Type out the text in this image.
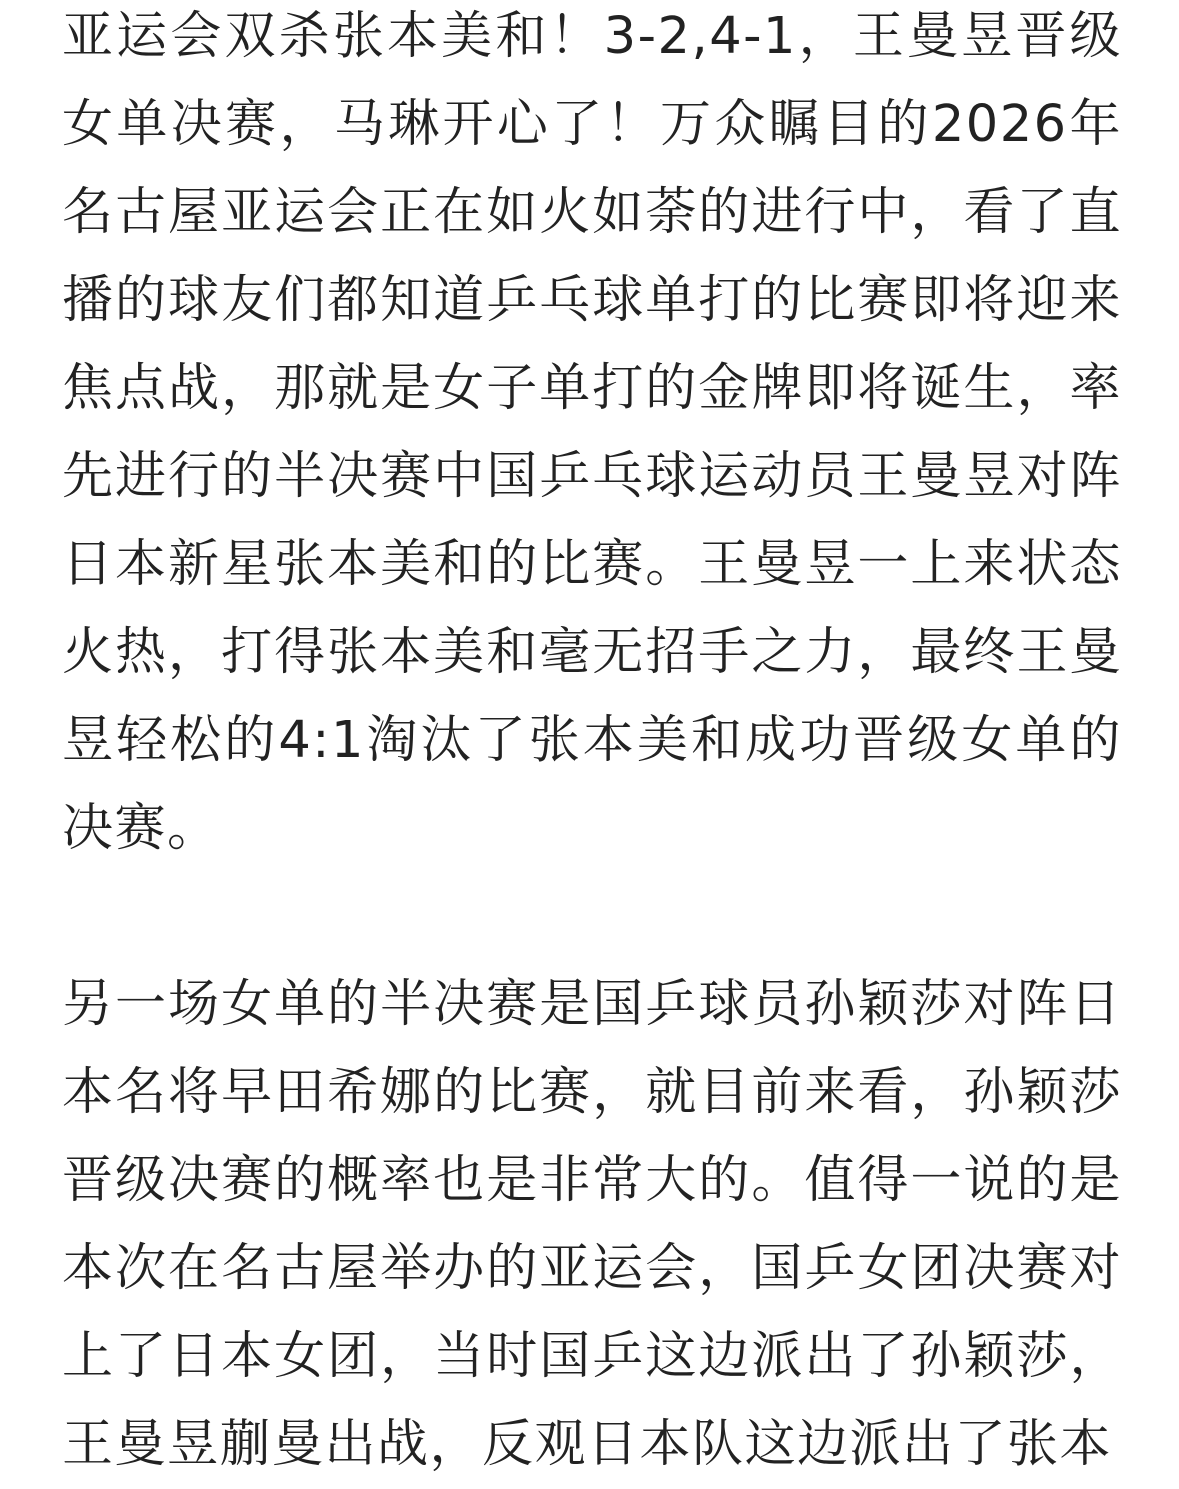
亚运会双杀张本美和！3-2,4-1，王曼昱晋级女单决赛，马琳开心了！万众瞩目的2026年名古屋亚运会正在如火如荼的进行中，看了直播的球友们都知道乒乓球单打的比赛即将迎来焦点战，那就是女子单打的金牌即将诞生，率先进行的半决赛中国乒乓球运动员王曼昱对阵日本新星张本美和的比赛。王曼昱一上来状态火热，打得张本美和毫无招手之力，最终王曼昱轻松的4:1淘汰了张本美和成功晋级女单的决赛。

另一场女单的半决赛是国乒球员孙颖莎对阵日本名将早田希娜的比赛，就目前来看，孙颖莎晋级决赛的概率也是非常大的。值得一说的是本次在名古屋举办的亚运会，国乒女团决赛对上了日本女团，当时国乒这边派出了孙颖莎，王曼昱蒯曼出战，反观日本队这边派出了张本
